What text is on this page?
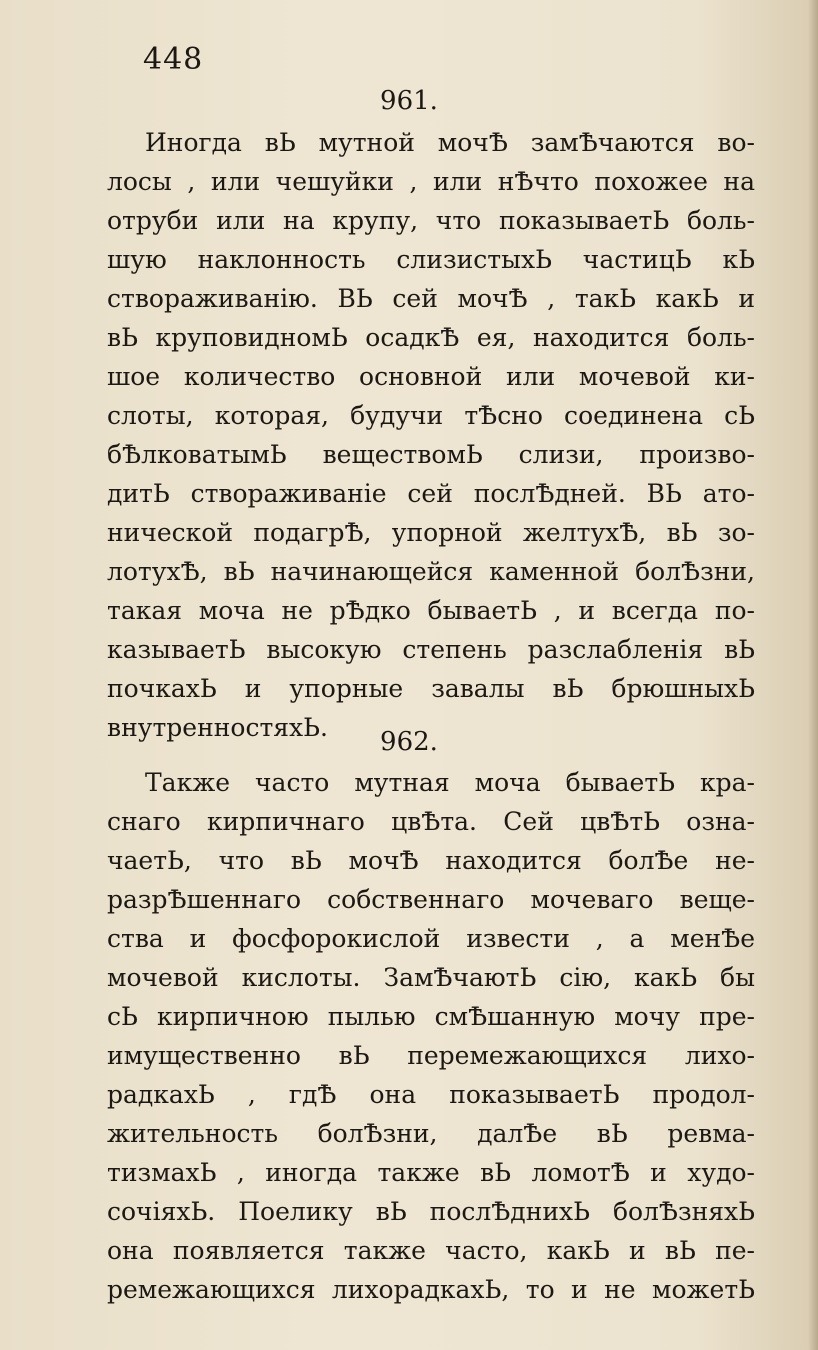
448
961.

Иногда вЬ мутной мочѢ замѢчаются во-
лосы , или чешуйки , или нѢчто похожее на
отруби или на крупу, что показываетЬ боль-
шую наклонность слизистыхЬ частицЬ кЬ
створаживанію. ВЬ сей мочѢ , такЬ какЬ и
вЬ круповидномЬ осадкѢ ея, находится боль-
шое количество основной или мочевой ки-
слоты, которая, будучи тѢсно соединена сЬ
бѢлковатымЬ веществомЬ слизи, произво-
дитЬ створаживаніе сей послѢдней. ВЬ ато-
нической подагрѢ, упорной желтухѢ, вЬ зо-
лотухѢ, вЬ начинающейся каменной болѢзни,
такая моча не рѢдко бываетЬ , и всегда по-
казываетЬ высокую степень разслабленія вЬ
почкахЬ и упорные завалы вЬ брюшныхЬ
внутренностяхЬ.	962.

Также часто мутная моча бываетЬ кра-
снаго кирпичнаго цвѢта. Сей цвѢтЬ озна-
чаетЬ, что вЬ мочѢ находится болѢе не-
разрѢшеннаго собственнаго мочеваго веще-
ства и фосфорокислой извести , а менѢе
мочевой кислоты. ЗамѢчаютЬ сію, какЬ бы
сЬ кирпичною пылью смѢшанную мочу пре-
имущественно вЬ перемежающихся лихо-
радкахЬ , гдѢ она показываетЬ продол-
жительность болѢзни, далѢе вЬ ревма-
тизмахЬ , иногда также вЬ ломотѢ и худо-
сочіяхЬ. Поелику вЬ послѢднихЬ болѢзняхЬ
она появляется также часто, какЬ и вЬ пе-
ремежающихся лихорадкахЬ, то и не можетЬ
